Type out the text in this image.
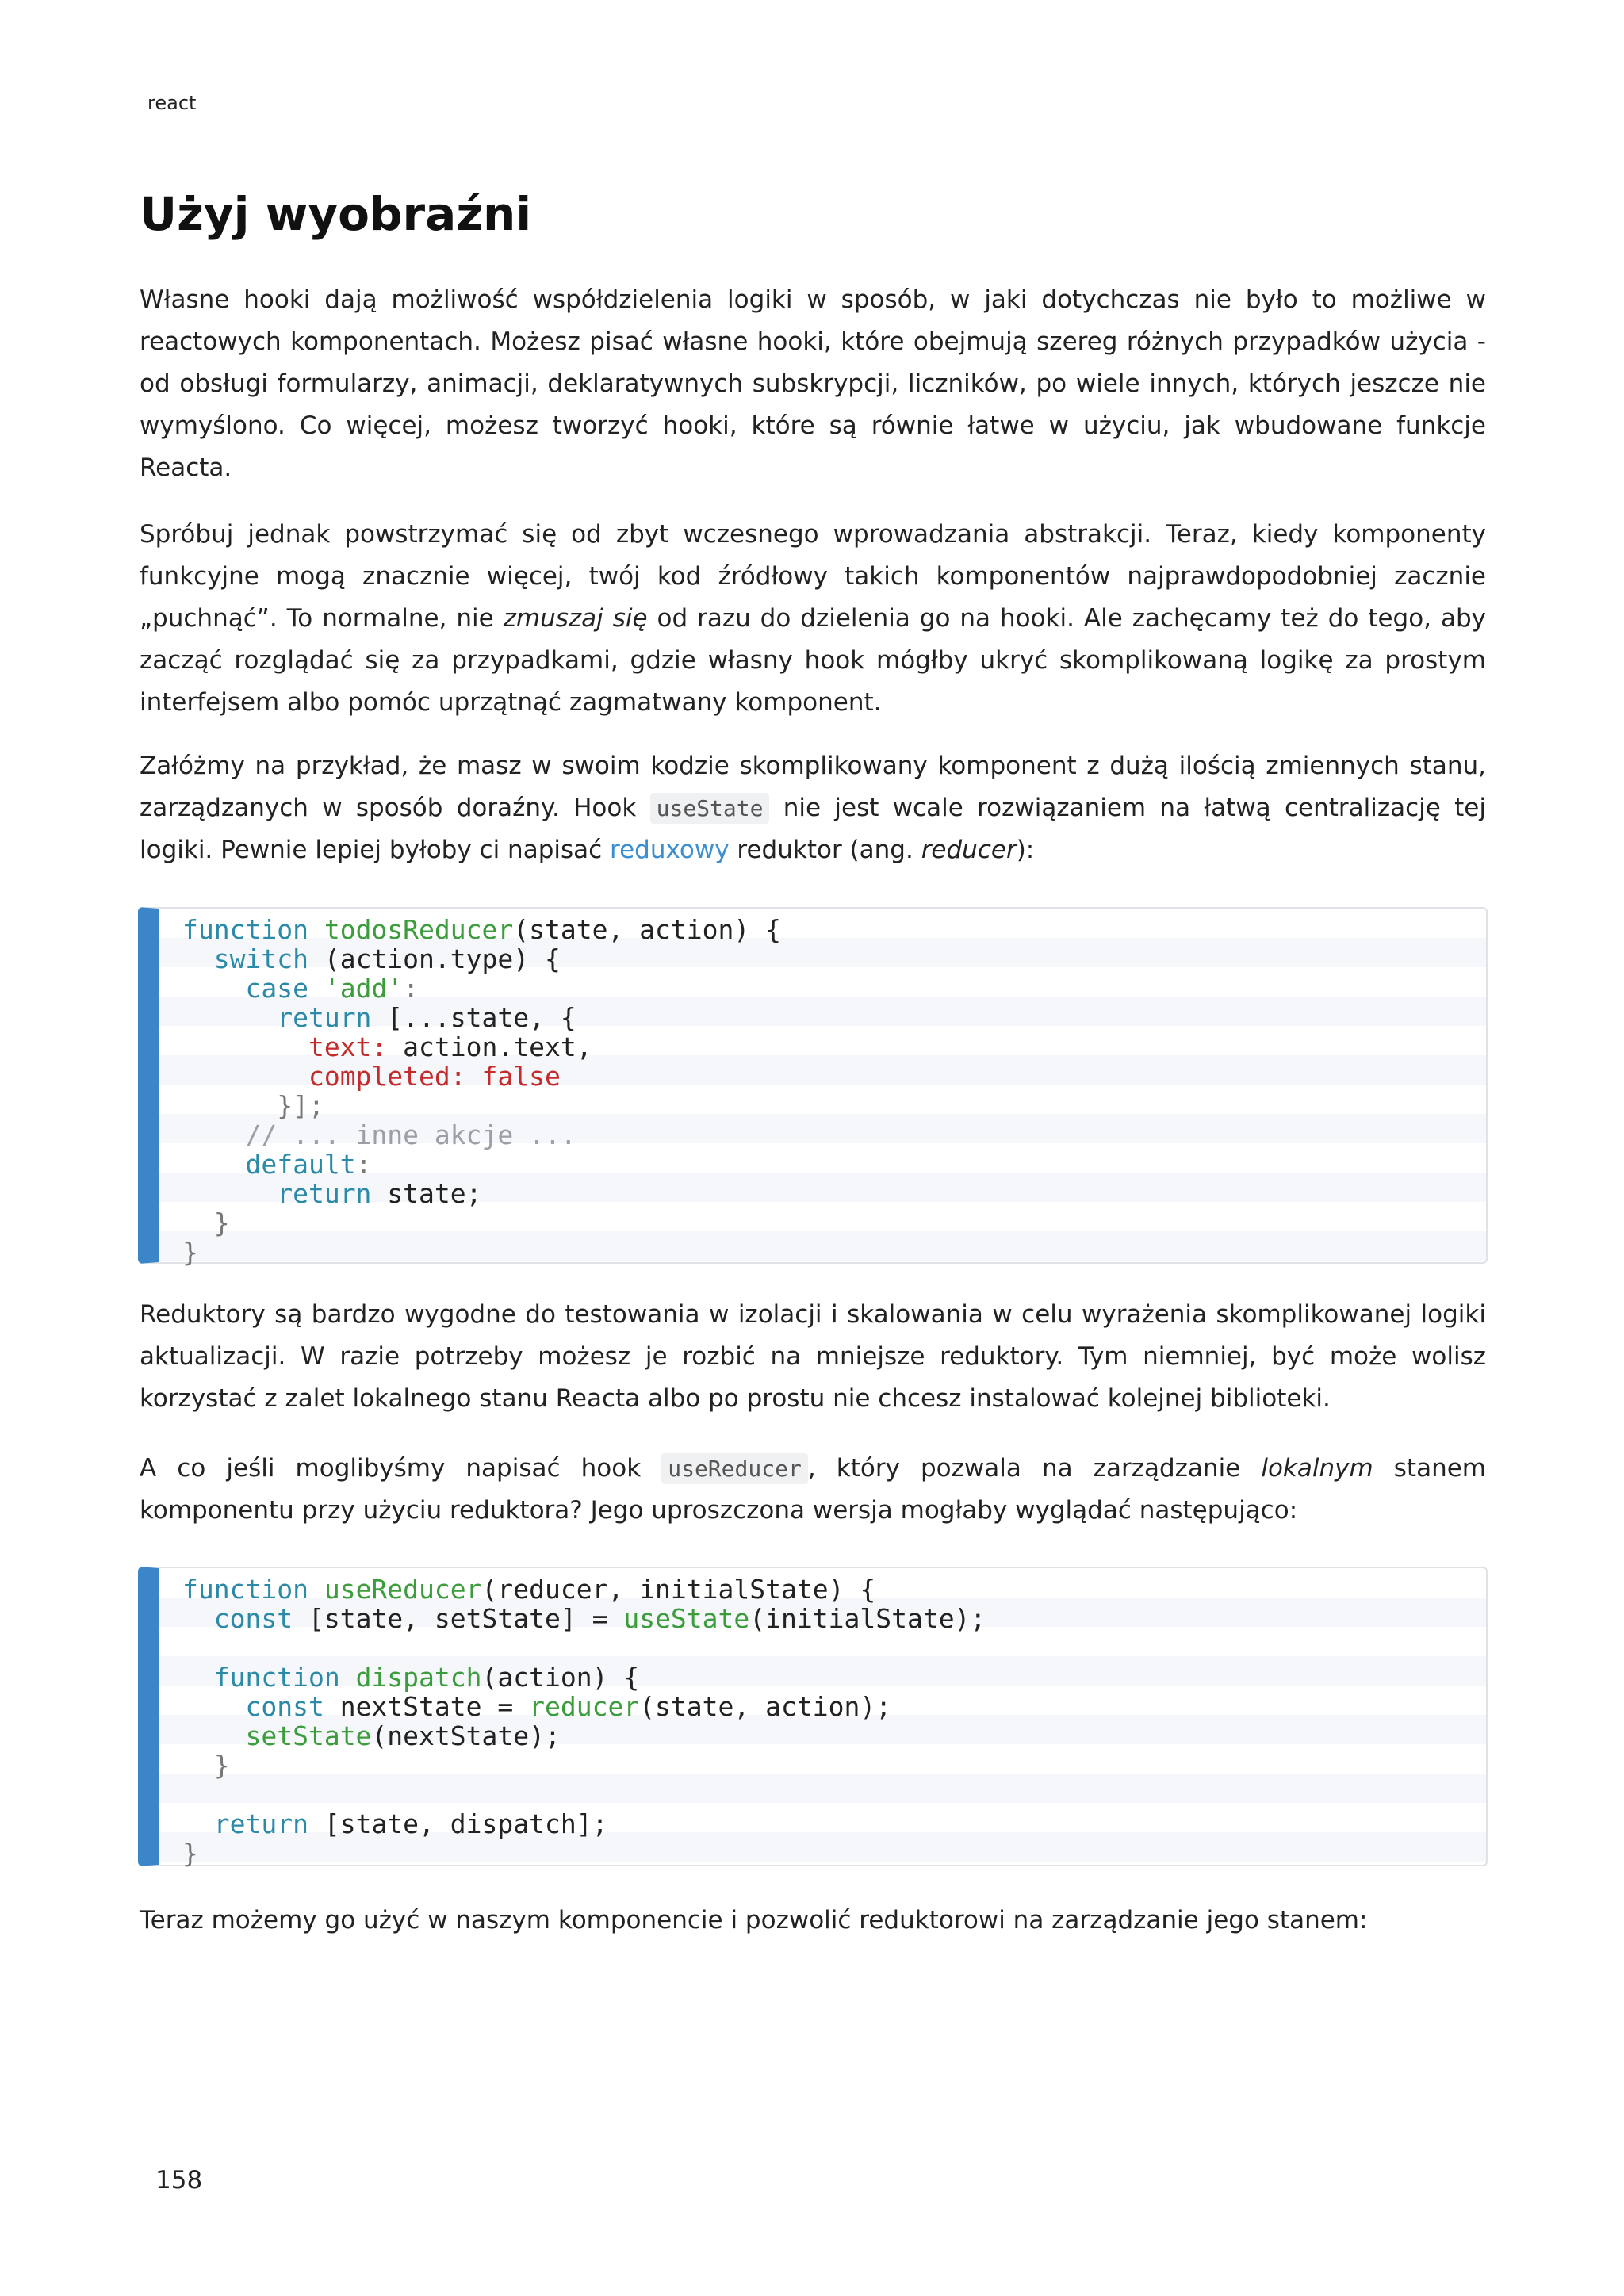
react
Użyj wyobraźni

Własne hooki dają możliwość współdzielenia logiki w sposób, w jaki dotychczas nie było to możliwe w reactowych komponentach. Możesz pisać własne hooki, które obejmują szereg różnych przypadków użycia - od obsługi formularzy, animacji, deklaratywnych subskrypcji, liczników, po wiele innych, których jeszcze nie wymyślono. Co więcej, możesz tworzyć hooki, które są równie łatwe w użyciu, jak wbudowane funkcje Reacta.

Spróbuj jednak powstrzymać się od zbyt wczesnego wprowadzania abstrakcji. Teraz, kiedy komponenty funkcyjne mogą znacznie więcej, twój kod źródłowy takich komponentów najprawdopodobniej zacznie „puchnąć”. To normalne, nie zmuszaj się od razu do dzielenia go na hooki. Ale zachęcamy też do tego, aby zacząć rozglądać się za przypadkami, gdzie własny hook mógłby ukryć skomplikowaną logikę za prostym interfejsem albo pomóc uprzątnąć zagmatwany komponent.

Załóżmy na przykład, że masz w swoim kodzie skomplikowany komponent z dużą ilością zmiennych stanu, zarządzanych w sposób doraźny. Hook useState nie jest wcale rozwiązaniem na łatwą centralizację tej logiki. Pewnie lepiej byłoby ci napisać reduxowy reduktor (ang. reducer):

function todosReducer(state, action) {
switch (action.type) {
case 'add':
return [...state, {
text: action.text,
completed: false
}];
// ... inne akcje ...
default:
return state;
}
}

Reduktory są bardzo wygodne do testowania w izolacji i skalowania w celu wyrażenia skomplikowanej logiki aktualizacji. W razie potrzeby możesz je rozbić na mniejsze reduktory. Tym niemniej, być może wolisz korzystać z zalet lokalnego stanu Reacta albo po prostu nie chcesz instalować kolejnej biblioteki.

A co jeśli moglibyśmy napisać hook useReducer , który pozwala na zarządzanie lokalnym stanem komponentu przy użyciu reduktora? Jego uproszczona wersja mogłaby wyglądać następująco:

function useReducer(reducer, initialState) {
const [state, setState] = useState(initialState);
function dispatch(action) {
const nextState = reducer(state, action);
setState(nextState);
}
return [state, dispatch];
}

Teraz możemy go użyć w naszym komponencie i pozwolić reduktorowi na zarządzanie jego stanem:

158
